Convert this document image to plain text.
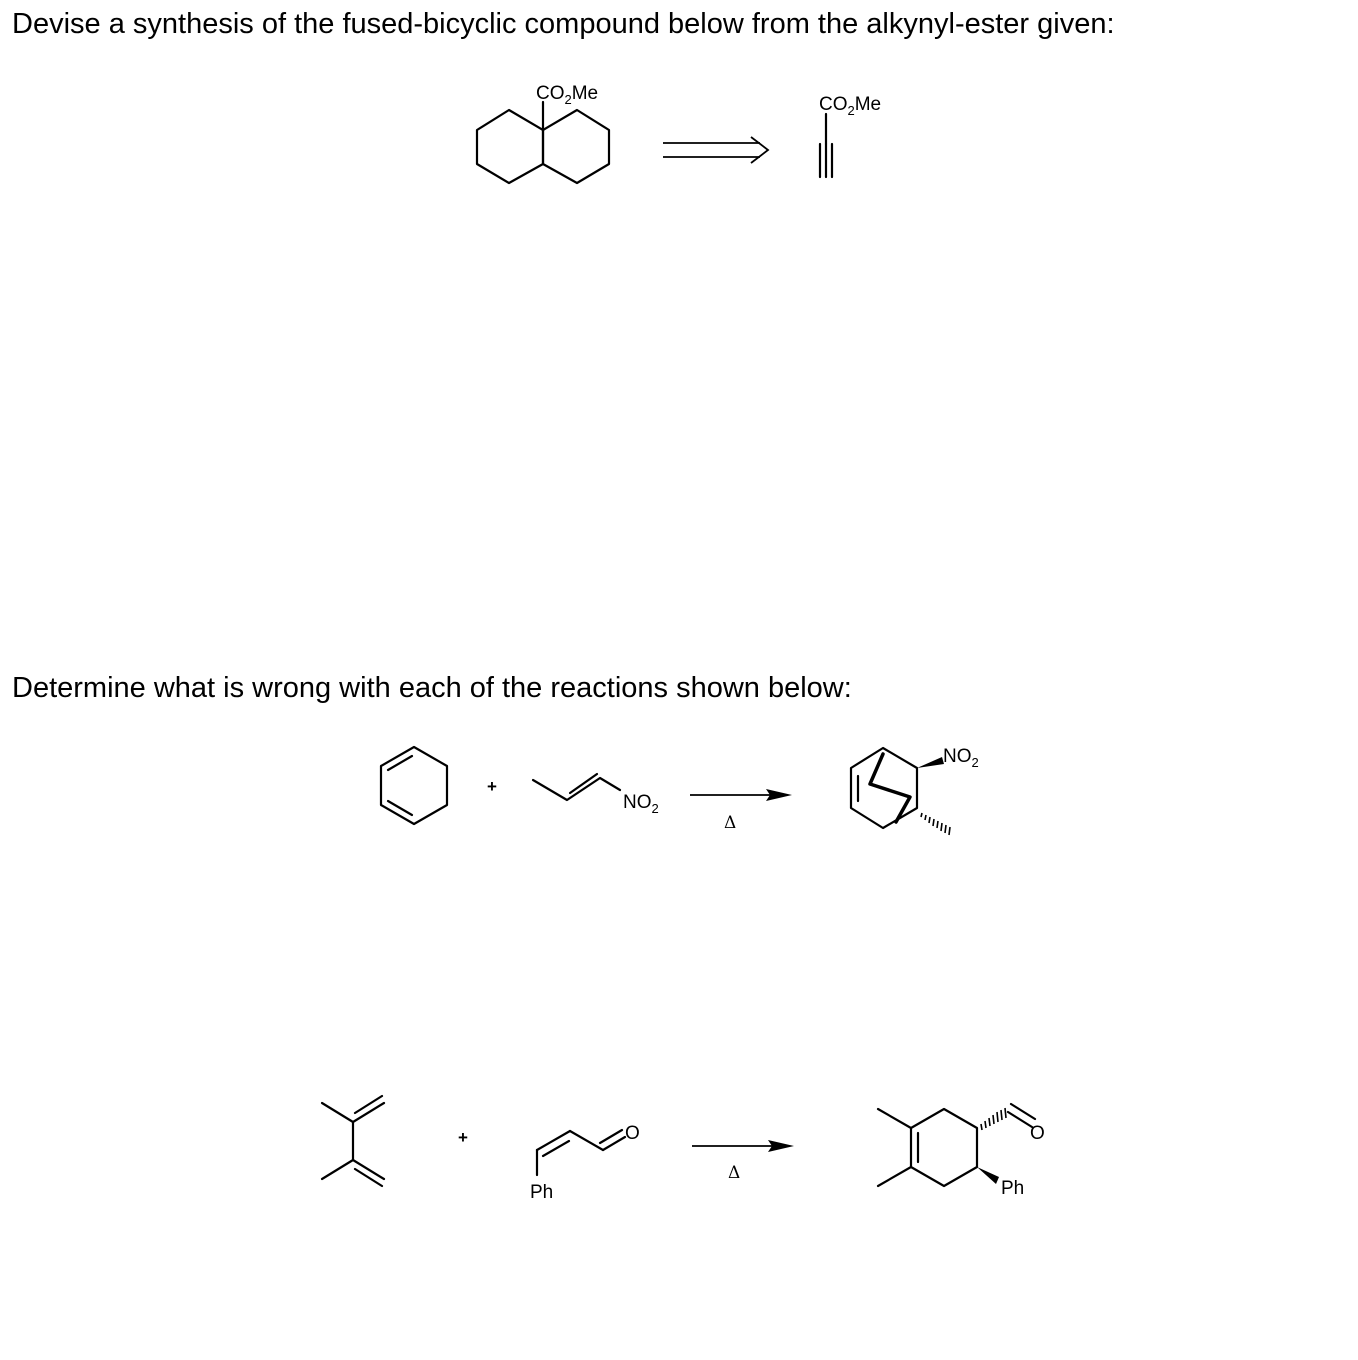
Devise a synthesis of the fused-bicyclic compound below from the alkynyl-ester given:
Determine what is wrong with each of the reactions shown below:
$CO_2Me$
$CO_2Me$
+
$NO_2$
Δ
$NO_2$
+
Ph
O
Δ
O
Ph
